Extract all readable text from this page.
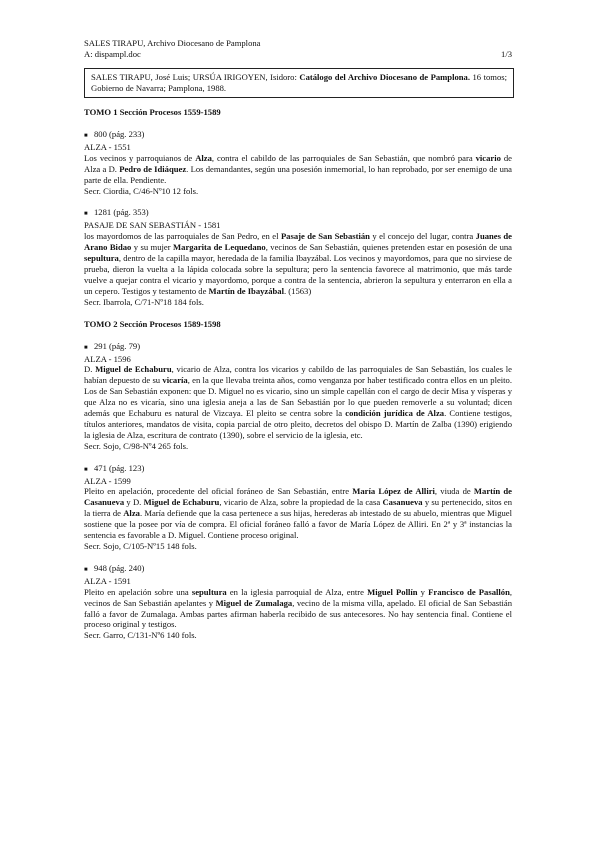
SALES TIRAPU, Archivo Diocesano de Pamplona
A: dispampl.doc	1/3
SALES TIRAPU, José Luis; URSÚA IRIGOYEN, Isidoro: Catálogo del Archivo Diocesano de Pamplona. 16 tomos; Gobierno de Navarra; Pamplona, 1988.
TOMO 1 Sección Procesos 1559-1589
■ 800 (pág. 233)
ALZA - 1551

Los vecinos y parroquianos de Alza, contra el cabildo de las parroquiales de San Sebastián, que nombró para vicario de Alza a D. Pedro de Idiáquez. Los demandantes, según una posesión inmemorial, lo han reprobado, por ser enemigo de una parte de ella. Pendiente.

Secr. Ciordia, C/46-Nº10 12 fols.
■ 1281 (pág. 353)
PASAJE DE SAN SEBASTIÁN - 1581

los mayordomos de las parroquiales de San Pedro, en el Pasaje de San Sebastián y el concejo del lugar, contra Juanes de Arano Bidao y su mujer Margarita de Lequedano, vecinos de San Sebastián, quienes pretenden estar en posesión de una sepultura, dentro de la capilla mayor, heredada de la familia Ibayzábal. Los vecinos y mayordomos, para que no sirviese de prueba, dieron la vuelta a la lápida colocada sobre la sepultura; pero la sentencia favorece al matrimonio, que más tarde vuelve a quejar contra el vicario y mayordomo, porque a contra de la sentencia, abrieron la sepultura y enterraron en ella a un cepero. Testigos y testamento de Martín de Ibayzábal. (1563)

Secr. Ibarrola, C/71-Nº18 184 fols.
TOMO 2 Sección Procesos 1589-1598
■ 291 (pág. 79)
ALZA - 1596

D. Miguel de Echaburu, vicario de Alza, contra los vicarios y cabildo de las parroquiales de San Sebastián, los cuales le habían depuesto de su vicaría, en la que llevaba treinta años, como venganza por haber testificado contra ellos en un pleito. Los de San Sebastián exponen: que D. Miguel no es vicario, sino un simple capellán con el cargo de decir Misa y vísperas y que Alza no es vicaría, sino una iglesia aneja a las de San Sebastián por lo que pueden removerle a su voluntad; dicen además que Echaburu es natural de Vizcaya. El pleito se centra sobre la condición jurídica de Alza. Contiene testigos, títulos anteriores, mandatos de visita, copia parcial de otro pleito, decretos del obispo D. Martín de Zalba (1390) erigiendo la iglesia de Alza, escritura de contrato (1390), sobre el servicio de la iglesia, etc.

Secr. Sojo, C/98-Nº4 265 fols.
■ 471 (pág. 123)
ALZA - 1599

Pleito en apelación, procedente del oficial foráneo de San Sebastián, entre María López de Alliri, viuda de Martín de Casanueva y D. Miguel de Echaburu, vicario de Alza, sobre la propiedad de la casa Casanueva y su pertenecido, sitos en la tierra de Alza. María defiende que la casa pertenece a sus hijas, herederas ab intestado de su abuelo, mientras que Miguel sostiene que la posee por vía de compra. El oficial foráneo falló a favor de María López de Alliri. En 2ª y 3ª instancias la sentencia es favorable a D. Miguel. Contiene proceso original.

Secr. Sojo, C/105-Nº15 148 fols.
■ 948 (pág. 240)
ALZA - 1591

Pleito en apelación sobre una sepultura en la iglesia parroquial de Alza, entre Miguel Pollín y Francisco de Pasallón, vecinos de San Sebastián apelantes y Miguel de Zumalaga, vecino de la misma villa, apelado. El oficial de San Sebastián falló a favor de Zumalaga. Ambas partes afirman haberla recibido de sus antecesores. No hay sentencia final. Contiene el proceso original y testigos.

Secr. Garro, C/131-Nº6 140 fols.
